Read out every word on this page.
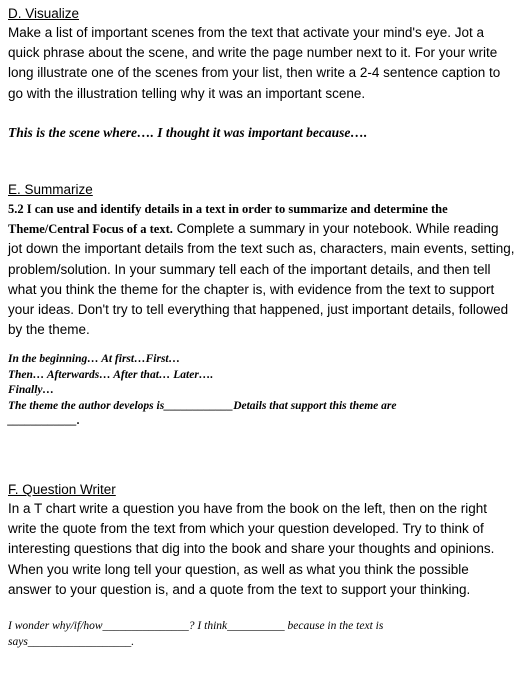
D. Visualize

Make a list of important scenes from the text that activate your mind's eye. Jot a quick phrase about the scene, and write the page number next to it. For your write long illustrate one of the scenes from your list, then write a 2-4 sentence caption to go with the illustration telling why it was an important scene.

This is the scene where…. I thought it was important because….

E. Summarize

5.2 I can use and identify details in a text in order to summarize and determine the Theme/Central Focus of a text. Complete a summary in your notebook. While reading jot down the important details from the text such as, characters, main events, setting, problem/solution. In your summary tell each of the important details, and then tell what you think the theme for the chapter is, with evidence from the text to support your ideas. Don't try to tell everything that happened, just important details, followed by the theme.

In the beginning… At first…First…

Then… Afterwards… After that… Later….

Finally…

The theme the author develops is____________Details that support this theme are

____________.

F. Question Writer

In a T chart write a question you have from the book on the left, then on the right write the quote from the text from which your question developed. Try to think of interesting questions that dig into the book and share your thoughts and opinions. When you write long tell your question, as well as what you think the possible answer to your question is, and a quote from the text to support your thinking.

I wonder why/if/how_______________? I think__________ because in the text is

says__________________.
